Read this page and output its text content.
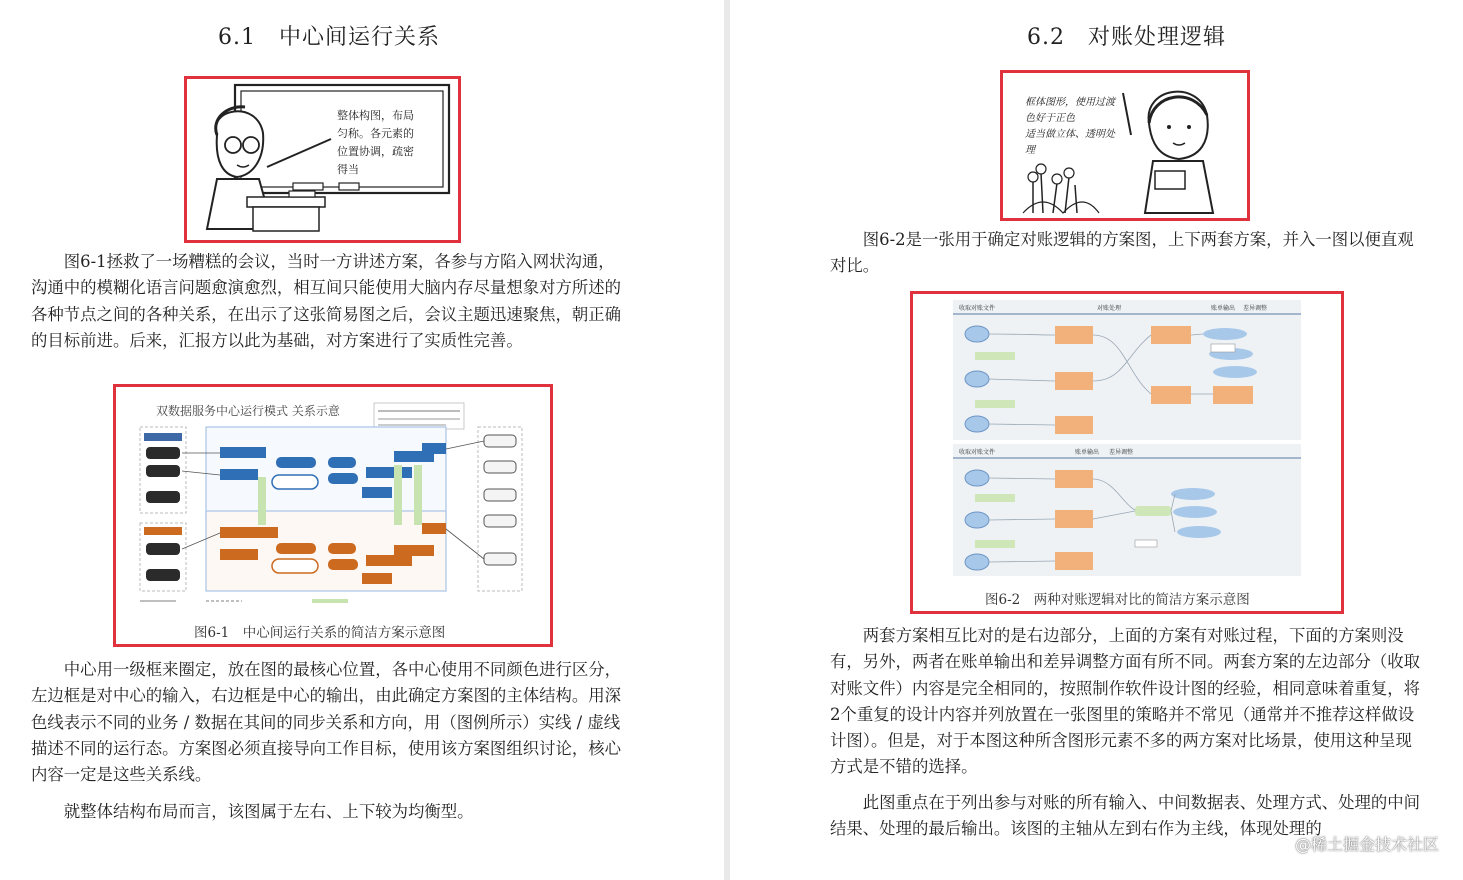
6.1　中心间运行关系
整体构图，布局
匀称。各元素的
位置协调，疏密
得当

图6-1拯救了一场糟糕的会议，当时一方讲述方案，各参与方陷入网状沟通，沟通中的模糊化语言问题愈演愈烈，相互间只能使用大脑内存尽量想象对方所述的各种节点之间的各种关系，在出示了这张简易图之后，会议主题迅速聚焦，朝正确的目标前进。后来，汇报方以此为基础，对方案进行了实质性完善。

双数据服务中心运行模式 关系示意
图6-1　中心间运行关系的简洁方案示意图

中心用一级框来圈定，放在图的最核心位置，各中心使用不同颜色进行区分，左边框是对中心的输入，右边框是中心的输出，由此确定方案图的主体结构。用深色线表示不同的业务 / 数据在其间的同步关系和方向，用（图例所示）实线 / 虚线描述不同的运行态。方案图必须直接导向工作目标，使用该方案图组织讨论，核心内容一定是这些关系线。

就整体结构布局而言，该图属于左右、上下较为均衡型。

6.2　对账处理逻辑
框体图形，使用过渡
色好于正色
适当做立体、透明处
理

图6-2是一张用于确定对账逻辑的方案图，上下两套方案，并入一图以便直观对比。

收取对账文件	对账处理	账单输出 差异调整
收取对账文件	账单输出 差异调整
图6-2　两种对账逻辑对比的简洁方案示意图

两套方案相互比对的是右边部分，上面的方案有对账过程，下面的方案则没有，另外，两者在账单输出和差异调整方面有所不同。两套方案的左边部分（收取对账文件）内容是完全相同的，按照制作软件设计图的经验，相同意味着重复，将2个重复的设计内容并列放置在一张图里的策略并不常见（通常并不推荐这样做设计图）。但是，对于本图这种所含图形元素不多的两方案对比场景，使用这种呈现方式是不错的选择。

此图重点在于列出参与对账的所有输入、中间数据表、处理方式、处理的中间结果、处理的最后输出。该图的主轴从左到右作为主线，体现处理的

@稀土掘金技术社区
